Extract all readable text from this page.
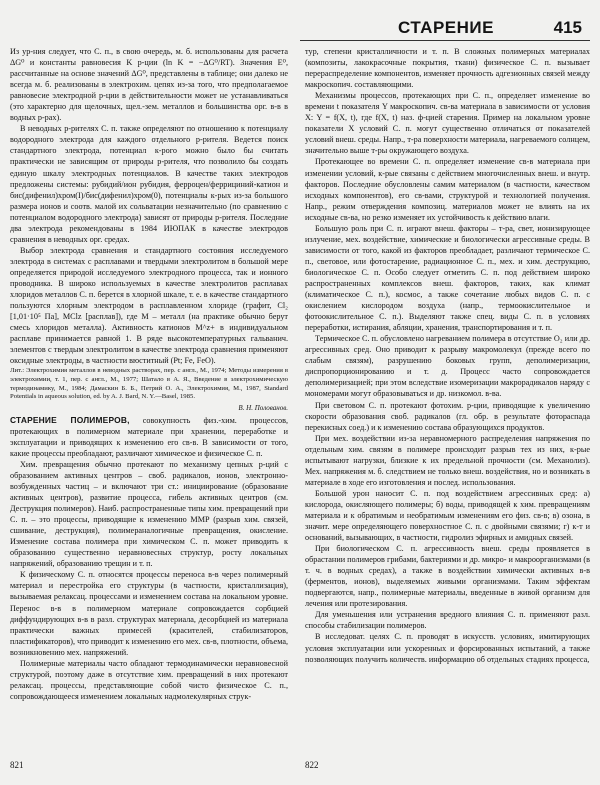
СТАРЕНИЕ	415

Из ур-ния следует, что С. п., в свою очередь, м. б. использованы для расчета ΔG⁰ и константы равновесия K р-ции (ln K = −ΔG⁰/RT). Значения E⁰, рассчитанные на основе значений ΔG⁰, представлены в таблице; они далеко не всегда м. б. реализованы в электрохим. цепях из-за того, что предполагаемое равновесие электродной р-ции в действительности может не устанавливаться (это характерно для щелочных, щел.-зем. металлов и большинства орг. в-в в водных р-рах).

В неводных р-рителях С. п. также определяют по отношению к потенциалу водородного электрода для каждого отдельного р-рителя. Ведется поиск стандартного электрода, потенциал к-рого можно было бы считать практически не зависящим от природы р-рителя, что позволило бы создать единую шкалу электродных потенциалов. В качестве таких электродов предложены системы: рубидий/ион рубидия, ферроцен/феррициний-катион и бис(дифенил)хром(I)/бис(дифенил)хром(0), потенциалы к-рых из-за большого размера ионов и соотв. малой их сольватации незначительно (по сравнению с потенциалом водородного электрода) зависят от природы р-рителя. Последние два электрода рекомендованы в 1984 ИЮПАК в качестве электродов сравнения в неводных орг. средах.

Выбор электрода сравнения и стандартного состояния исследуемого электрода в системах с расплавами и твердыми электролитом в большой мере определяется природой исследуемого электродного процесса, так и ионного проводника. В широко используемых в качестве электролитов расплавах хлоридов металлов С. п. берется в хлорной шкале, т. е. в качестве стандартного пользуются хлорным электродом в расплавленном хлориде (графит, Cl₂ [1,01·10⁵ Па], MClz [расплав]), где M – металл (на практике обычно берут смесь хлоридов металла). Активность катионов M^z+ в индивидуальном расплаве принимается равной 1. В ряде высокотемпературных гальванич. элементов с твердым электролитом в качестве электрода сравнения применяют оксидные электроды, в частности вюститный (Pt; Fe, FeO).

Лит.: Электрохимия металлов в неводных растворах, пер. с англ., М., 1974; Методы измерения в электрохимии, т. 1, пер. с англ., М., 1977; Шатало в А. Я., Введение в электрохимическую термодинамику, М., 1984; Дамаскин Б. Б., Петрий О. А., Электрохимия, М., 1987, Standard Potentials in aqueous solution, ed. by A. J. Bard, N. Y.—Basel, 1985.

В. Н. Полованов.

СТАРЕНИЕ ПОЛИМЕРОВ, совокупность физ.-хим. процессов, протекающих в полимерном материале при хранении, переработке и эксплуатации и приводящих к изменению его св-в. В зависимости от того, какие процессы преобладают, различают химическое и физическое С. п.

Хим. превращения обычно протекают по механизму цепных р-ций с образованием активных центров – своб. радикалов, ионов, электронно-возбужденных частиц – и включают три ст.: инициирование (образование активных центров), развитие процесса, гибель активных центров (см. Деструкция полимеров). Наиб. распространенные типы хим. превращений при С. п. – это процессы, приводящие к изменению ММР (разрыв хим. связей, сшивание, деструкция), полимераналогичные превращения, окисление. Изменение состава полимера при химическом С. п. может приводить к образованию существенно неравновесных структур, росту локальных напряжений, образованию трещин и т. п.

К физическому С. п. относятся процессы переноса в-в через полимерный материал и перестройка его структуры (в частности, кристаллизация), вызываемая релаксац. процессами и изменением состава на локальном уровне. Перенос в-в в полимерном материале сопровождается сорбцией диффундирующих в-в в разл. структурах материала, десорбцией из материала практически важных примесей (красителей, стабилизаторов, пластификаторов), что приводит к изменению его мех. св-в, плотности, объема, возникновению мех. напряжений.

Полимерные материалы часто обладают термодинамически неравновесной структурой, поэтому даже в отсутствие хим. превращений в них протекают релаксац. процессы, представляющие собой чисто физическое С. п., сопровождающееся изменением локальных надмолекулярных струк-

тур, степени кристалличности и т. п. В сложных полимерных материалах (композиты, лакокрасочные покрытия, ткани) физическое С. п. вызывает перераспределение компонентов, изменяет прочность адгезионных связей между макроскопич. составляющими.

Механизмы процессов, протекающих при С. п., определяет изменение во времени t показателя Y макроскопич. св-ва материала в зависимости от условия X: Y = f(X, t), где f(X, t) наз. ф-цией старения. Пример на локальном уровне показатели X условий С. п. могут существенно отличаться от показателей условий внеш. среды. Напр., т-ра поверхности материала, нагреваемого солнцем, значительно выше т-ры окружающего воздуха.

Протекающее во времени С. п. определяет изменение св-в материала при изменении условий, к-рые связаны с действием многочисленных внеш. и внутр. факторов. Последние обусловлены самим материалом (в частности, качеством исходных компонентов), его св-вами, структурой и технологией получения. Напр., режим отверждения композиц. материалов может не влиять на их исходные св-ва, но резко изменяет их устойчивость к действию влаги.

Большую роль при С. п. играют внеш. факторы – т-ра, свет, ионизирующее излучение, мех. воздействие, химические и биологически агрессивные среды. В зависимости от того, какой из факторов преобладает, различают термическое С. п., световое, или фотостарение, радиационное С. п., мех. и хим. деструкцию, биологическое С. п. Особо следует отметить С. п. под действием широко распространенных комплексов внеш. факторов, таких, как климат (климатическое С. п.), космос, а также сочетание любых видов С. п. с окислением кислородом воздуха (напр., термоокислительное и фотоокислительное С. п.). Выделяют также спец. виды С. п. в условиях переработки, истирания, абляции, хранения, транспортирования и т. п.

Термическое С. п. обусловлено нагреванием полимера в отсутствие O₂ или др. агрессивных сред. Оно приводит к разрыву макромолекул (прежде всего по слабым связям), разрушению боковых групп, деполимеризации, диспропорционированию и т. д. Процесс часто сопровождается деполимеризацией; при этом вследствие изомеризации макрорадикалов наряду с мономерами могут образовываться и др. низкомол. в-ва.

При световом С. п. протекают фотохим. р-ции, приводящие к увеличению скорости образования своб. радикалов (гл. обр. в результате фотораспада перекисных соед.) и к изменению состава образующихся продуктов.

При мех. воздействии из-за неравномерного распределения напряжения по отдельным хим. связям в полимере происходит разрыв тех из них, к-рые испытывают нагрузки, близкие к их предельной прочности (см. Механолиз). Мех. напряжения м. б. следствием не только внеш. воздействия, но и возникать в материале в ходе его изготовления и послед. использования.

Большой урон наносит С. п. под воздействием агрессивных сред: а) кислорода, окисляющего полимеры; б) воды, приводящей к хим. превращениям материала и к обратимым и необратимым изменениям его физ. св-в; в) озона, в значит. мере определяющего поверхностное С. п. с двойными связями; г) к-т и оснований, вызывающих, в частности, гидролиз эфирных и амидных связей.

При биологическом С. п. агрессивность внеш. среды проявляется в обрастании полимеров грибами, бактериями и др. микро- и макроорганизмами (в т. ч. в водных средах), а также в воздействии химически активных в-в (ферментов, ионов), выделяемых живыми организмами. Таким эффектам подвергаются, напр., полимерные материалы, введенные в живой организм для лечения или протезирования.

Для уменьшения или устранения вредного влияния С. п. применяют разл. способы стабилизации полимеров.

В исследоват. целях С. п. проводят в искусств. условиях, имитирующих условия эксплуатации или ускоренных и форсированных испытаний, а также позволяющих получить количеств. информацию об отдельных стадиях процесса,

821	822
